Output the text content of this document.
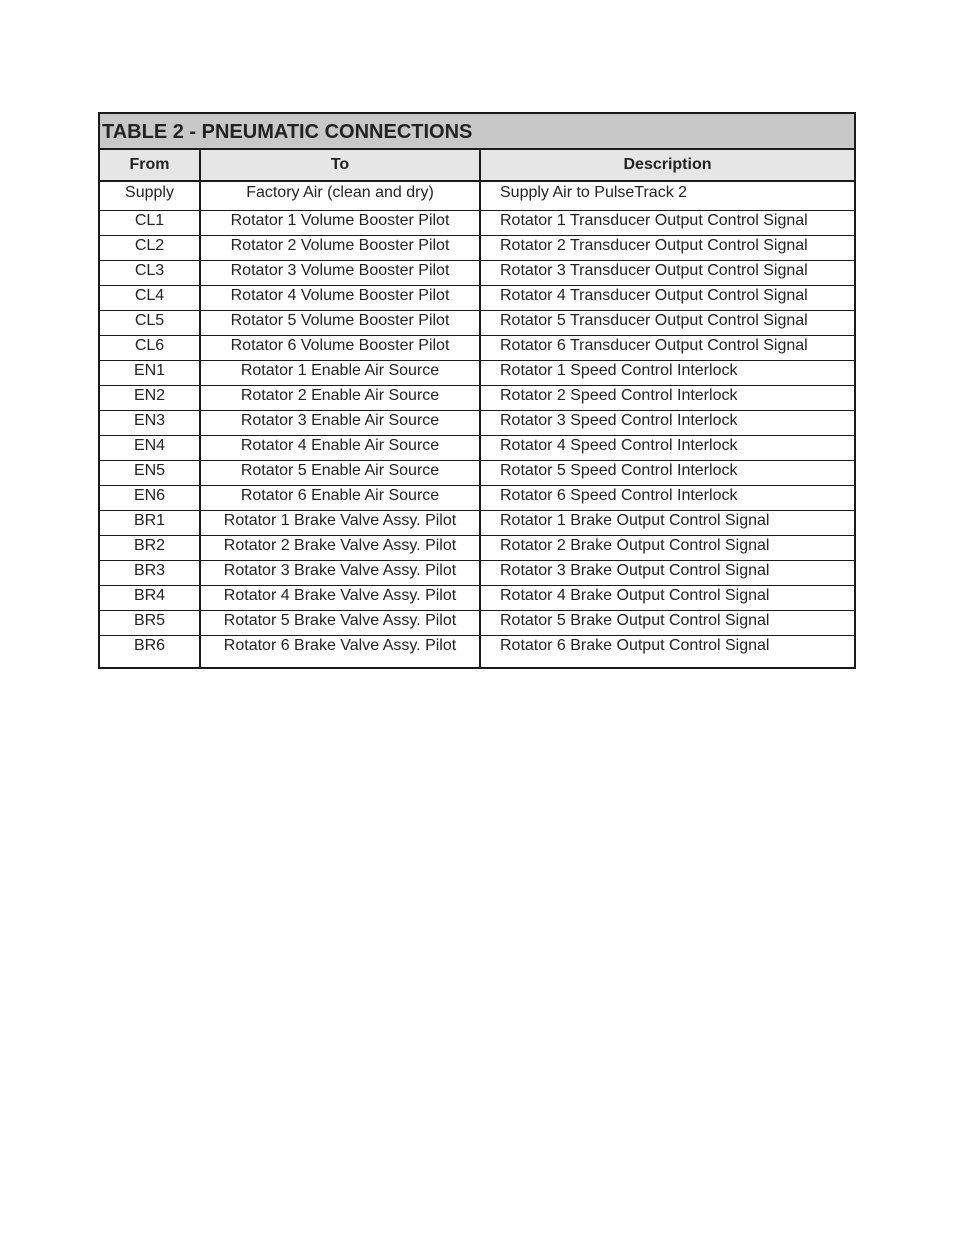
TABLE 2 - PNEUMATIC CONNECTIONS
From	To	Description
Supply	Factory Air (clean and dry)	Supply Air to PulseTrack 2
CL1	Rotator 1 Volume Booster Pilot	Rotator 1 Transducer Output Control Signal
CL2	Rotator 2 Volume Booster Pilot	Rotator 2 Transducer Output Control Signal
CL3	Rotator 3 Volume Booster Pilot	Rotator 3 Transducer Output Control Signal
CL4	Rotator 4 Volume Booster Pilot	Rotator 4 Transducer Output Control Signal
CL5	Rotator 5 Volume Booster Pilot	Rotator 5 Transducer Output Control Signal
CL6	Rotator 6 Volume Booster Pilot	Rotator 6 Transducer Output Control Signal
EN1	Rotator 1 Enable Air Source	Rotator 1 Speed Control Interlock
EN2	Rotator 2 Enable Air Source	Rotator 2 Speed Control Interlock
EN3	Rotator 3 Enable Air Source	Rotator 3 Speed Control Interlock
EN4	Rotator 4 Enable Air Source	Rotator 4 Speed Control Interlock
EN5	Rotator 5 Enable Air Source	Rotator 5 Speed Control Interlock
EN6	Rotator 6 Enable Air Source	Rotator 6 Speed Control Interlock
BR1	Rotator 1 Brake Valve Assy. Pilot	Rotator 1 Brake Output Control Signal
BR2	Rotator 2 Brake Valve Assy. Pilot	Rotator 2 Brake Output Control Signal
BR3	Rotator 3 Brake Valve Assy. Pilot	Rotator 3 Brake Output Control Signal
BR4	Rotator 4 Brake Valve Assy. Pilot	Rotator 4 Brake Output Control Signal
BR5	Rotator 5 Brake Valve Assy. Pilot	Rotator 5 Brake Output Control Signal
BR6	Rotator 6 Brake Valve Assy. Pilot	Rotator 6 Brake Output Control Signal
